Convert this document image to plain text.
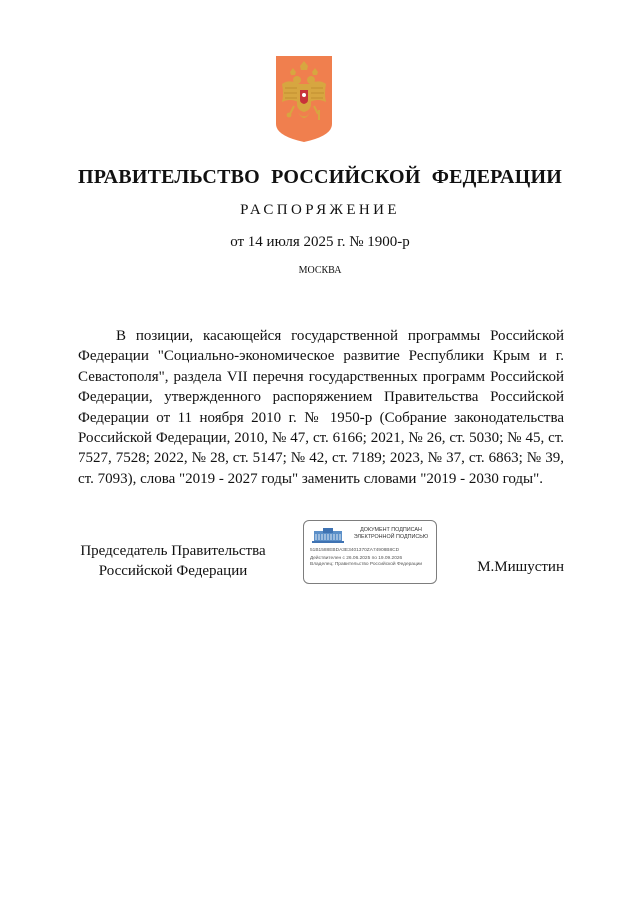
ПРАВИТЕЛЬСТВО РОССИЙСКОЙ ФЕДЕРАЦИИ
РАСПОРЯЖЕНИЕ
от 14 июля 2025 г. № 1900-р
МОСКВА

В позиции, касающейся государственной программы Российской Федерации "Социально-экономическое развитие Республики Крым и г. Севастополя", раздела VII перечня государственных программ Российской Федерации, утвержденного распоряжением Правительства Российской Федерации от 11 ноября 2010 г. № 1950-р (Собрание законодательства Российской Федерации, 2010, № 47, ст. 6166; 2021, № 26, ст. 5030; № 45, ст. 7527, 7528; 2022, № 28, ст. 5147; № 42, ст. 7189; 2023, № 37, ст. 6863; № 39, ст. 7093), слова "2019 - 2027 годы" заменить словами "2019 - 2030 годы".

Председатель Правительства
Российской Федерации
ДОКУМЕНТ ПОДПИСАН
ЭЛЕКТРОННОЙ ПОДПИСЬЮ
51B1588EBDA3E3401370ZA74908B8CD
Действителен с 26.06.2025 по 19.09.2026
Владелец: Правительство Российской Федерации	М.Мишустин
